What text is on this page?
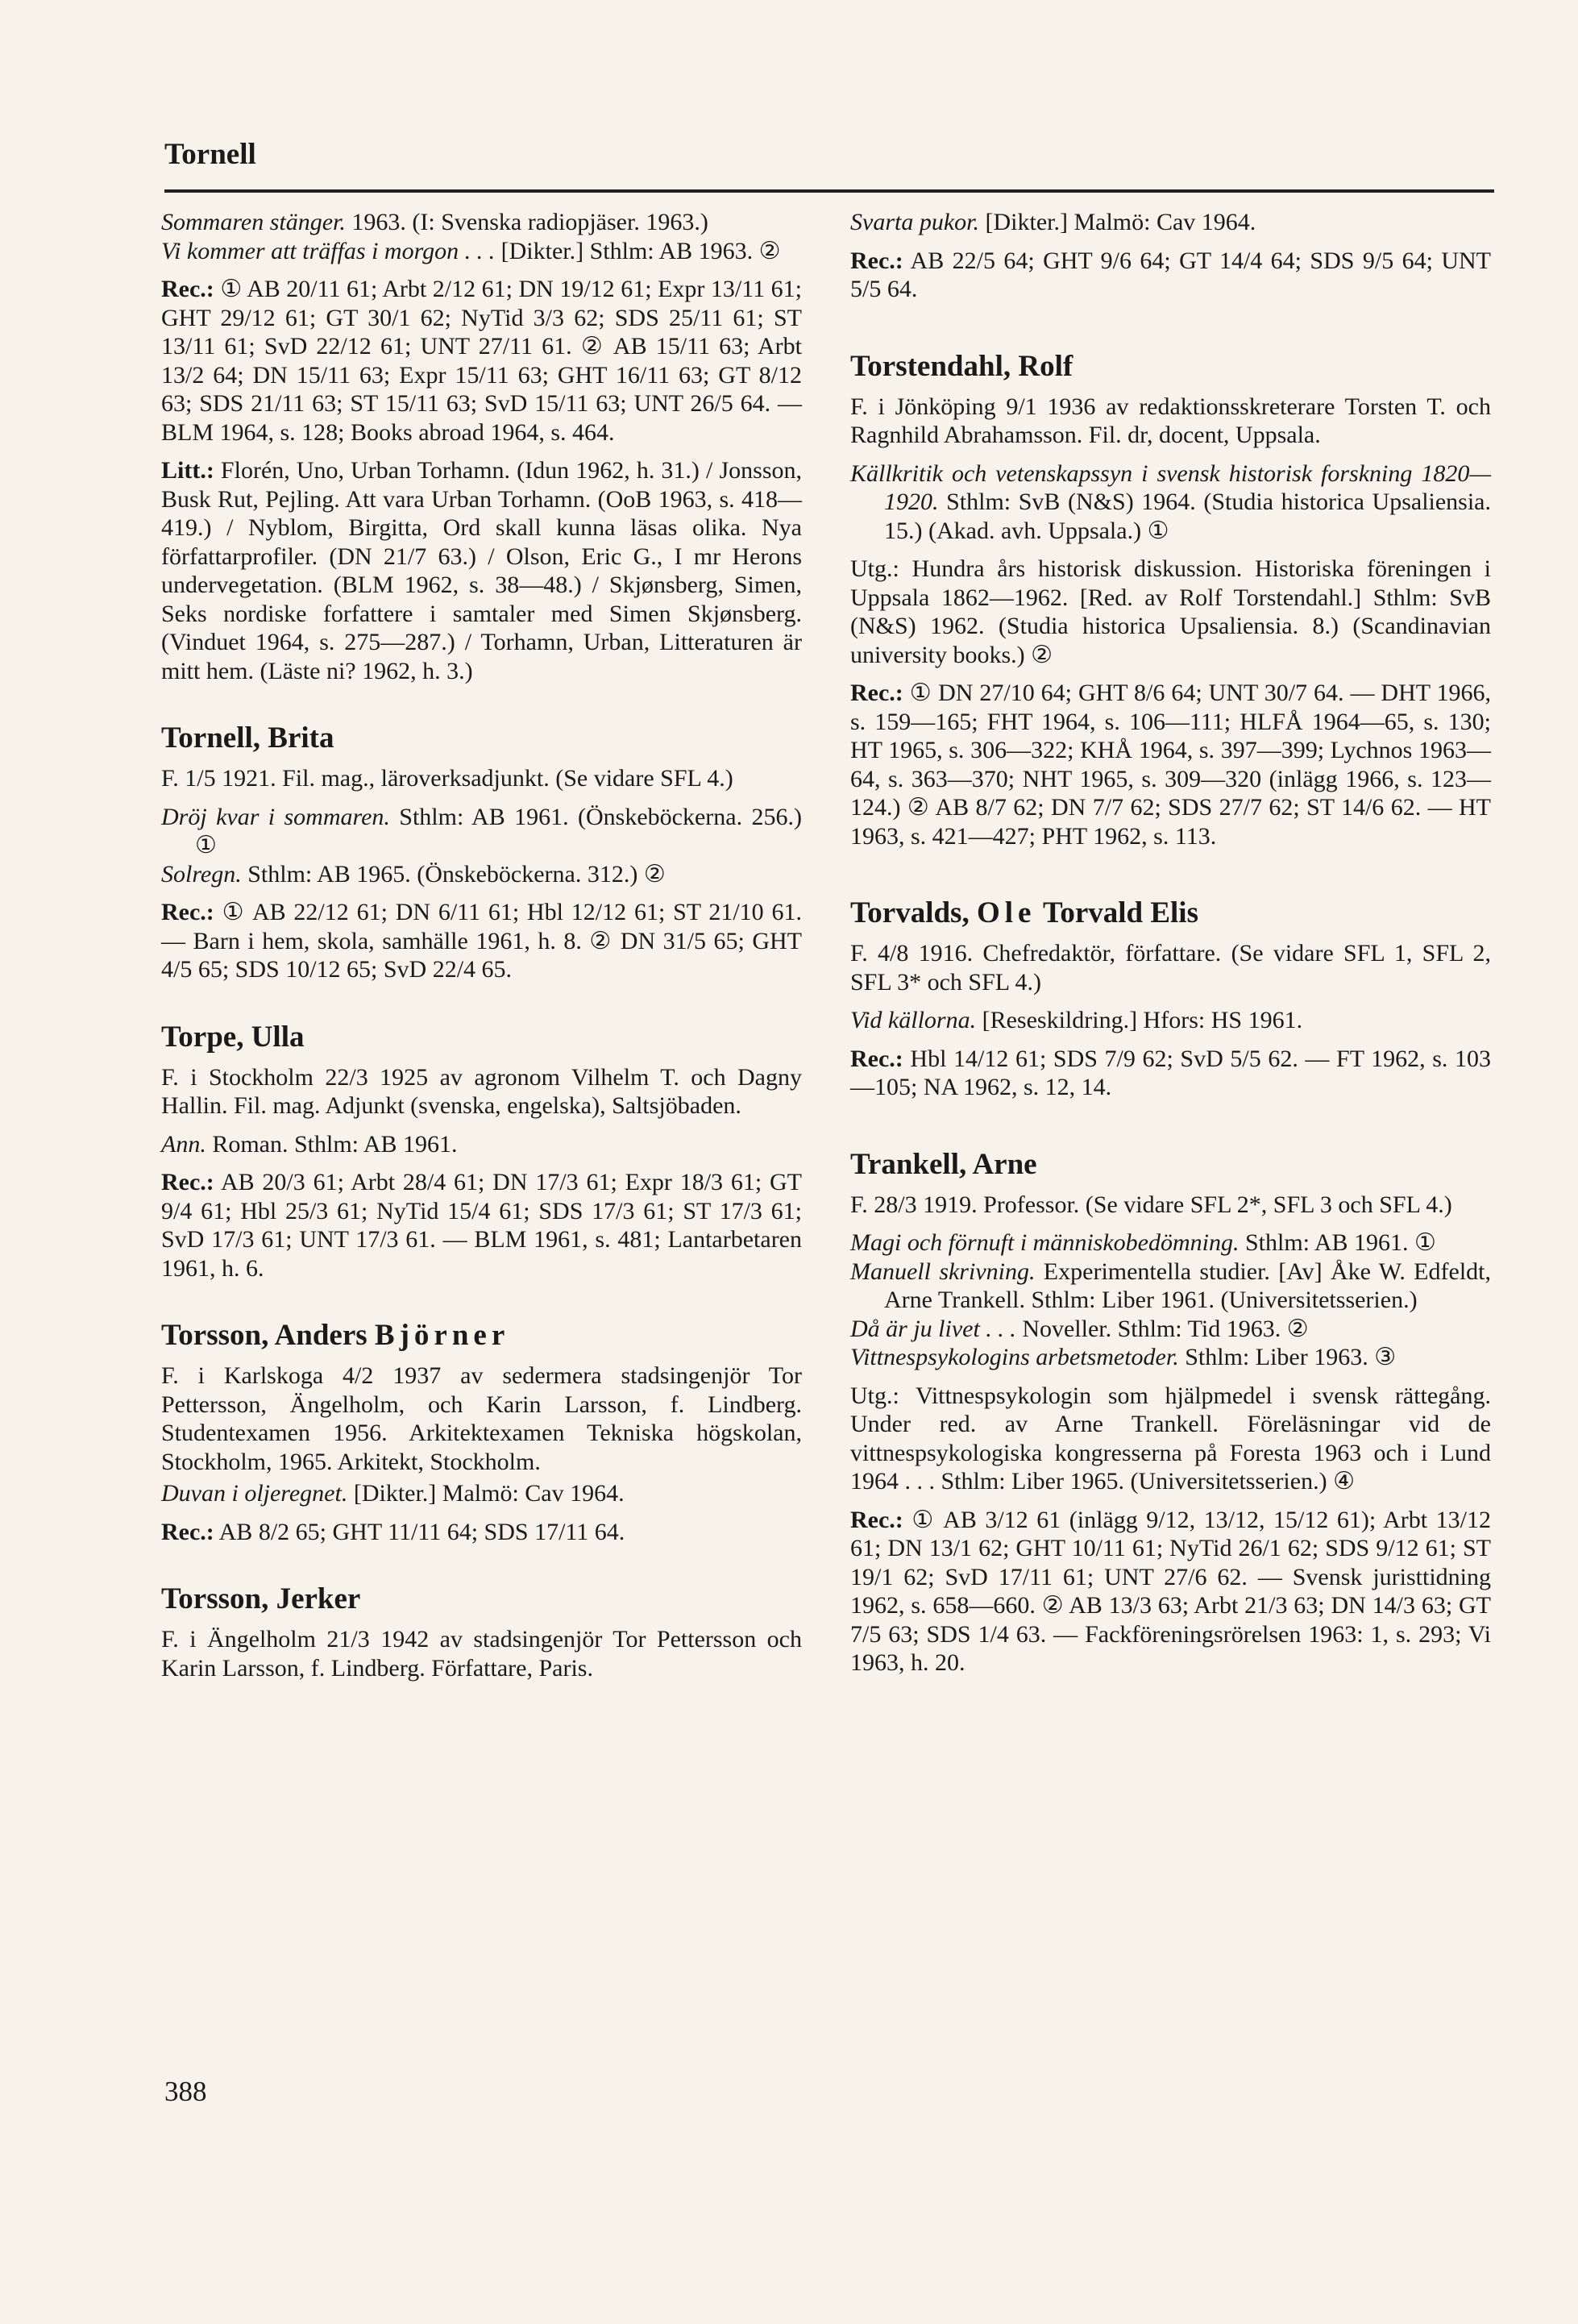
Tornell

Sommaren stänger. 1963. (I: Svenska radiopjäser. 1963.)

Vi kommer att träffas i morgon . . . [Dikter.] Sthlm: AB 1963. ②

Rec.: ① AB 20/11 61; Arbt 2/12 61; DN 19/12 61; Expr 13/11 61; GHT 29/12 61; GT 30/1 62; NyTid 3/3 62; SDS 25/11 61; ST 13/11 61; SvD 22/12 61; UNT 27/11 61. ② AB 15/11 63; Arbt 13/2 64; DN 15/11 63; Expr 15/11 63; GHT 16/11 63; GT 8/12 63; SDS 21/11 63; ST 15/11 63; SvD 15/11 63; UNT 26/5 64. — BLM 1964, s. 128; Books abroad 1964, s. 464.

Litt.: Florén, Uno, Urban Torhamn. (Idun 1962, h. 31.) / Jonsson, Busk Rut, Pejling. Att vara Urban Torhamn. (OoB 1963, s. 418—419.) / Nyblom, Birgitta, Ord skall kunna läsas olika. Nya författarprofiler. (DN 21/7 63.) / Olson, Eric G., I mr Herons undervegetation. (BLM 1962, s. 38—48.) / Skjønsberg, Simen, Seks nordiske forfattere i samtaler med Simen Skjønsberg. (Vinduet 1964, s. 275—287.) / Torhamn, Urban, Litteraturen är mitt hem. (Läste ni? 1962, h. 3.)

Tornell, Brita

F. 1/5 1921. Fil. mag., läroverksadjunkt. (Se vidare SFL 4.)

Dröj kvar i sommaren. Sthlm: AB 1961. (Önskeböckerna. 256.) ①

Solregn. Sthlm: AB 1965. (Önskeböckerna. 312.) ②

Rec.: ① AB 22/12 61; DN 6/11 61; Hbl 12/12 61; ST 21/10 61. — Barn i hem, skola, samhälle 1961, h. 8. ② DN 31/5 65; GHT 4/5 65; SDS 10/12 65; SvD 22/4 65.

Torpe, Ulla

F. i Stockholm 22/3 1925 av agronom Vilhelm T. och Dagny Hallin. Fil. mag. Adjunkt (svenska, engelska), Saltsjöbaden.

Ann. Roman. Sthlm: AB 1961.

Rec.: AB 20/3 61; Arbt 28/4 61; DN 17/3 61; Expr 18/3 61; GT 9/4 61; Hbl 25/3 61; NyTid 15/4 61; SDS 17/3 61; ST 17/3 61; SvD 17/3 61; UNT 17/3 61. — BLM 1961, s. 481; Lantarbetaren 1961, h. 6.

Torsson, Anders Björner

F. i Karlskoga 4/2 1937 av sedermera stadsingenjör Tor Pettersson, Ängelholm, och Karin Larsson, f. Lindberg. Studentexamen 1956. Arkitektexamen Tekniska högskolan, Stockholm, 1965. Arkitekt, Stockholm.

Duvan i oljeregnet. [Dikter.] Malmö: Cav 1964.

Rec.: AB 8/2 65; GHT 11/11 64; SDS 17/11 64.

Torsson, Jerker

F. i Ängelholm 21/3 1942 av stadsingenjör Tor Pettersson och Karin Larsson, f. Lindberg. Författare, Paris.

Svarta pukor. [Dikter.] Malmö: Cav 1964.

Rec.: AB 22/5 64; GHT 9/6 64; GT 14/4 64; SDS 9/5 64; UNT 5/5 64.

Torstendahl, Rolf

F. i Jönköping 9/1 1936 av redaktionsskreterare Torsten T. och Ragnhild Abrahamsson. Fil. dr, docent, Uppsala.

Källkritik och vetenskapssyn i svensk historisk forskning 1820—1920. Sthlm: SvB (N&S) 1964. (Studia historica Upsaliensia. 15.) (Akad. avh. Uppsala.) ①

Utg.: Hundra års historisk diskussion. Historiska föreningen i Uppsala 1862—1962. [Red. av Rolf Torstendahl.] Sthlm: SvB (N&S) 1962. (Studia historica Upsaliensia. 8.) (Scandinavian university books.) ②

Rec.: ① DN 27/10 64; GHT 8/6 64; UNT 30/7 64. — DHT 1966, s. 159—165; FHT 1964, s. 106—111; HLFÅ 1964—65, s. 130; HT 1965, s. 306—322; KHÅ 1964, s. 397—399; Lychnos 1963—64, s. 363—370; NHT 1965, s. 309—320 (inlägg 1966, s. 123—124.) ② AB 8/7 62; DN 7/7 62; SDS 27/7 62; ST 14/6 62. — HT 1963, s. 421—427; PHT 1962, s. 113.

Torvalds, Ole Torvald Elis

F. 4/8 1916. Chefredaktör, författare. (Se vidare SFL 1, SFL 2, SFL 3* och SFL 4.)

Vid källorna. [Reseskildring.] Hfors: HS 1961.

Rec.: Hbl 14/12 61; SDS 7/9 62; SvD 5/5 62. — FT 1962, s. 103—105; NA 1962, s. 12, 14.

Trankell, Arne

F. 28/3 1919. Professor. (Se vidare SFL 2*, SFL 3 och SFL 4.)

Magi och förnuft i människobedömning. Sthlm: AB 1961. ①

Manuell skrivning. Experimentella studier. [Av] Åke W. Edfeldt, Arne Trankell. Sthlm: Liber 1961. (Universitetsserien.)

Då är ju livet . . . Noveller. Sthlm: Tid 1963. ②

Vittnespsykologins arbetsmetoder. Sthlm: Liber 1963. ③

Utg.: Vittnespsykologin som hjälpmedel i svensk rättegång. Under red. av Arne Trankell. Föreläsningar vid de vittnespsykologiska kongresserna på Foresta 1963 och i Lund 1964 . . . Sthlm: Liber 1965. (Universitetsserien.) ④

Rec.: ① AB 3/12 61 (inlägg 9/12, 13/12, 15/12 61); Arbt 13/12 61; DN 13/1 62; GHT 10/11 61; NyTid 26/1 62; SDS 9/12 61; ST 19/1 62; SvD 17/11 61; UNT 27/6 62. — Svensk juristtidning 1962, s. 658—660. ② AB 13/3 63; Arbt 21/3 63; DN 14/3 63; GT 7/5 63; SDS 1/4 63. — Fackföreningsrörelsen 1963: 1, s. 293; Vi 1963, h. 20.

388
